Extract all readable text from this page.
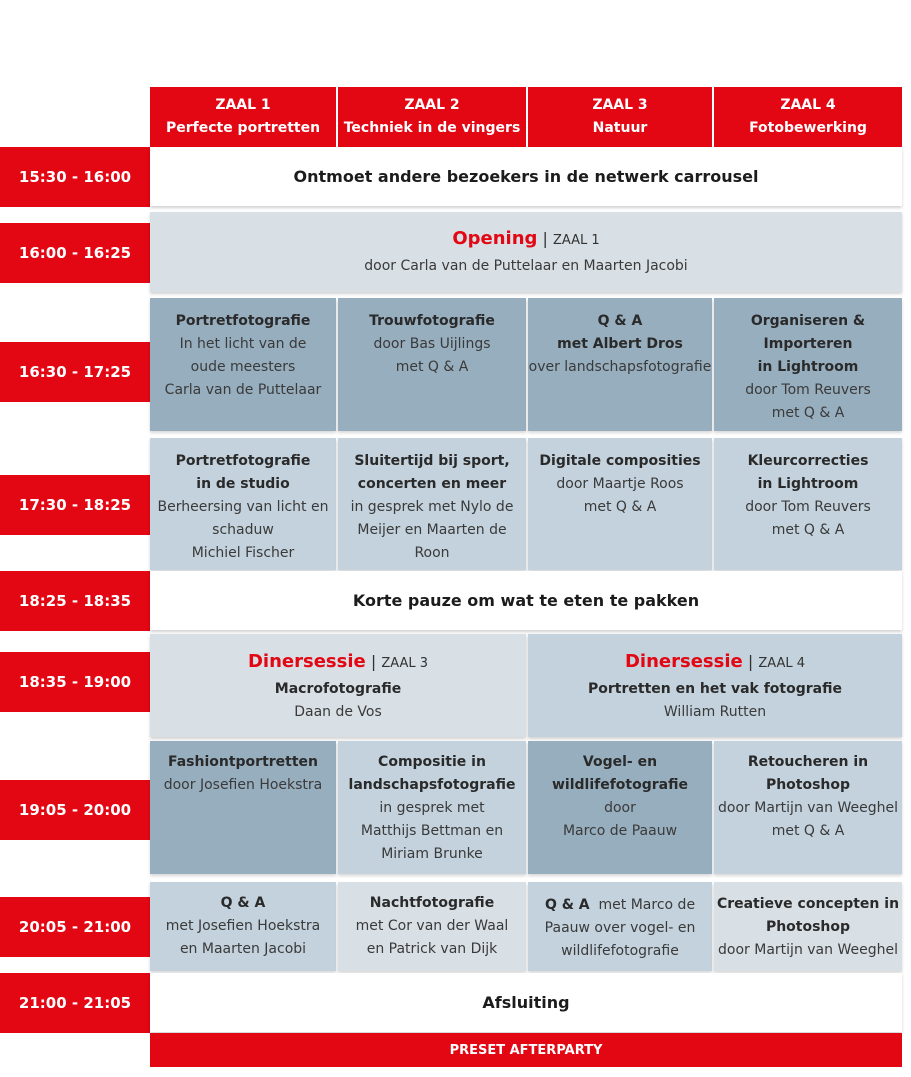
ZAAL 1
Perfecte portretten
ZAAL 2
Techniek in de vingers
ZAAL 3
Natuur
ZAAL 4
Fotobewerking
15:30 - 16:00
16:00 - 16:25
16:30 - 17:25
17:30 - 18:25
18:25 - 18:35
18:35 - 19:00
19:05 - 20:00
20:05 - 21:00
21:00 - 21:05
Ontmoet andere bezoekers in de netwerk carrousel
Opening | ZAAL 1
door Carla van de Puttelaar en Maarten Jacobi
Portretfotografie
In het licht van de
oude meesters
Carla van de Puttelaar
Trouwfotografie
door Bas Uijlings
met Q & A
Q & A
met Albert Dros
over landschapsfotografie
Organiseren &
Importeren
in Lightroom
door Tom Reuvers
met Q & A
Portretfotografie
in de studio
Berheersing van licht en
schaduw
Michiel Fischer
Sluitertijd bij sport,
concerten en meer
in gesprek met Nylo de
Meijer en Maarten de Roon
Digitale composities
door Maartje Roos
met Q & A
Kleurcorrecties
in Lightroom
door Tom Reuvers
met Q & A
Korte pauze om wat te eten te pakken
Dinersessie | ZAAL 3
Macrofotografie
Daan de Vos
Dinersessie | ZAAL 4
Portretten en het vak fotografie
William Rutten
Fashiontportretten
door Josefien Hoekstra
Compositie in
landschapsfotografie
in gesprek met
Matthijs Bettman en
Miriam Brunke
Vogel- en
wildlifefotografie
door
Marco de Paauw
Retoucheren in
Photoshop
door Martijn van Weeghel
met Q & A
Q & A
met Josefien Hoekstra
en Maarten Jacobi
Nachtfotografie
met Cor van der Waal
en Patrick van Dijk
Q & A  met Marco de
Paauw over vogel- en
wildlifefotografie
Creatieve concepten in
Photoshop
door Martijn van Weeghel
Afsluiting
PRESET AFTERPARTY
